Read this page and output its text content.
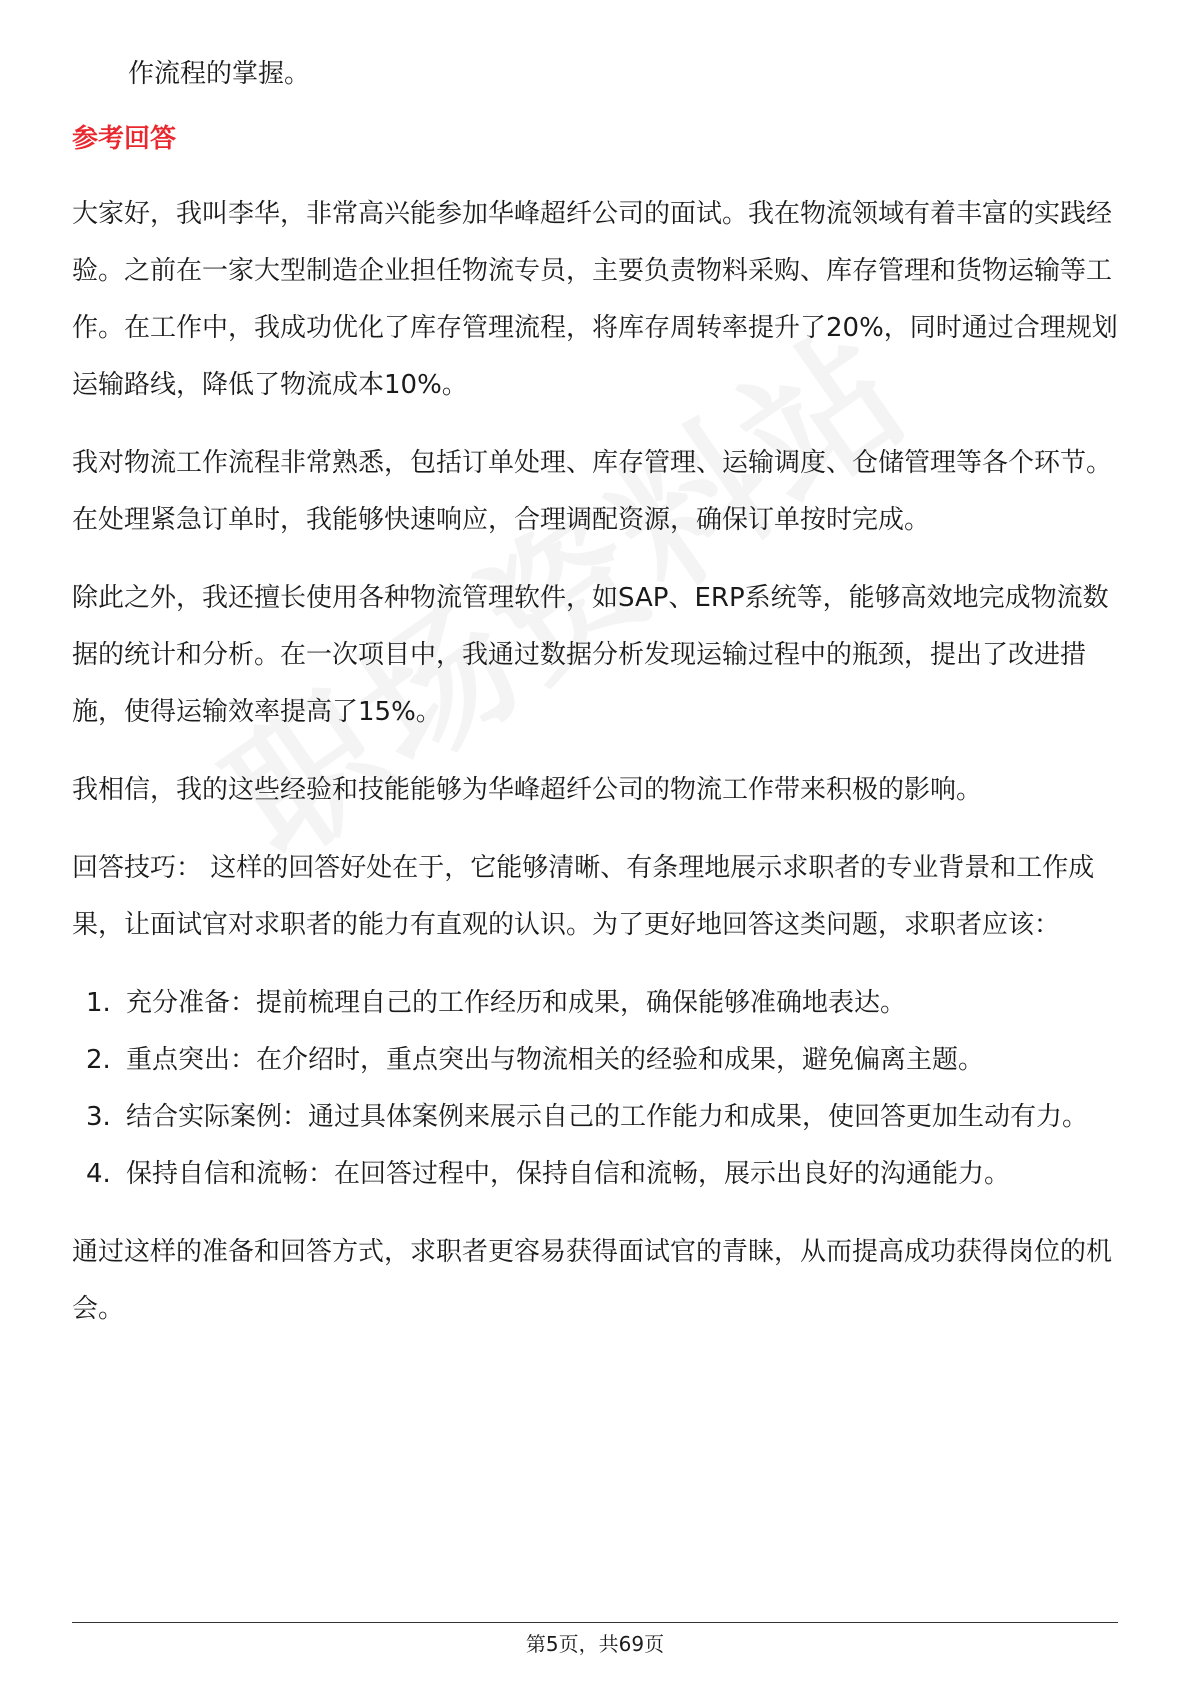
作流程的掌握。

参考回答

大家好，我叫李华，非常高兴能参加华峰超纤公司的面试。我在物流领域有着丰富的实践经验。之前在一家大型制造企业担任物流专员，主要负责物料采购、库存管理和货物运输等工作。在工作中，我成功优化了库存管理流程，将库存周转率提升了20%，同时通过合理规划运输路线，降低了物流成本10%。

我对物流工作流程非常熟悉，包括订单处理、库存管理、运输调度、仓储管理等各个环节。在处理紧急订单时，我能够快速响应，合理调配资源，确保订单按时完成。

除此之外，我还擅长使用各种物流管理软件，如SAP、ERP系统等，能够高效地完成物流数据的统计和分析。在一次项目中，我通过数据分析发现运输过程中的瓶颈，提出了改进措施，使得运输效率提高了15%。

我相信，我的这些经验和技能能够为华峰超纤公司的物流工作带来积极的影响。

回答技巧： 这样的回答好处在于，它能够清晰、有条理地展示求职者的专业背景和工作成果，让面试官对求职者的能力有直观的认识。为了更好地回答这类问题，求职者应该：

1. 充分准备：提前梳理自己的工作经历和成果，确保能够准确地表达。
2. 重点突出：在介绍时，重点突出与物流相关的经验和成果，避免偏离主题。
3. 结合实际案例：通过具体案例来展示自己的工作能力和成果，使回答更加生动有力。
4. 保持自信和流畅：在回答过程中，保持自信和流畅，展示出良好的沟通能力。

通过这样的准备和回答方式，求职者更容易获得面试官的青睐，从而提高成功获得岗位的机会。

第5页，共69页
